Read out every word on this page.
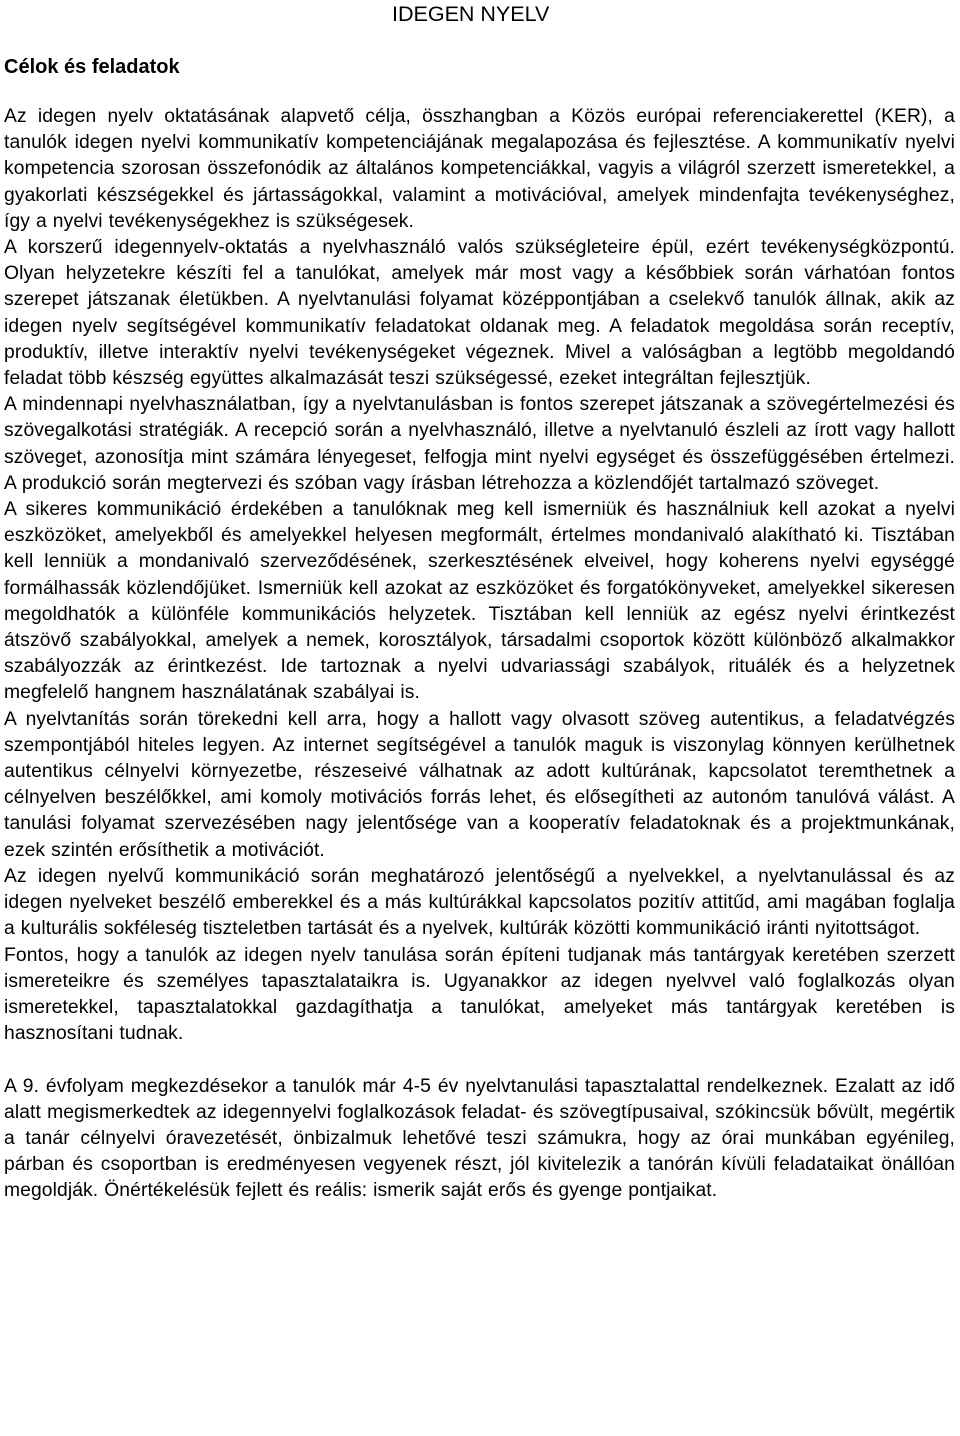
IDEGEN NYELV
Célok és feladatok

Az idegen nyelv oktatásának alapvető célja, összhangban a Közös európai referenciakerettel (KER), a tanulók idegen nyelvi kommunikatív kompetenciájának megalapozása és fejlesztése. A kommunikatív nyelvi kompetencia szorosan összefonódik az általános kompetenciákkal, vagyis a világról szerzett ismeretekkel, a gyakorlati készségekkel és jártasságokkal, valamint a motivációval, amelyek mindenfajta tevékenységhez, így a nyelvi tevékenységekhez is szükségesek.

A korszerű idegennyelv-oktatás a nyelvhasználó valós szükségleteire épül, ezért tevékenységközpontú. Olyan helyzetekre készíti fel a tanulókat, amelyek már most vagy a későbbiek során várhatóan fontos szerepet játszanak életükben. A nyelvtanulási folyamat középpontjában a cselekvő tanulók állnak, akik az idegen nyelv segítségével kommunikatív feladatokat oldanak meg. A feladatok megoldása során receptív, produktív, illetve interaktív nyelvi tevékenységeket végeznek. Mivel a valóságban a legtöbb megoldandó feladat több készség együttes alkalmazását teszi szükségessé, ezeket integráltan fejlesztjük.

A mindennapi nyelvhasználatban, így a nyelvtanulásban is fontos szerepet játszanak a szövegértelmezési és szövegalkotási stratégiák. A recepció során a nyelvhasználó, illetve a nyelvtanuló észleli az írott vagy hallott szöveget, azonosítja mint számára lényegeset, felfogja mint nyelvi egységet és összefüggésében értelmezi. A produkció során megtervezi és szóban vagy írásban létrehozza a közlendőjét tartalmazó szöveget.

A sikeres kommunikáció érdekében a tanulóknak meg kell ismerniük és használniuk kell azokat a nyelvi eszközöket, amelyekből és amelyekkel helyesen megformált, értelmes mondanivaló alakítható ki. Tisztában kell lenniük a mondanivaló szerveződésének, szerkesztésének elveivel, hogy koherens nyelvi egységgé formálhassák közlendőjüket. Ismerniük kell azokat az eszközöket és forgatókönyveket, amelyekkel sikeresen megoldhatók a különféle kommunikációs helyzetek. Tisztában kell lenniük az egész nyelvi érintkezést átszövő szabályokkal, amelyek a nemek, korosztályok, társadalmi csoportok között különböző alkalmakkor szabályozzák az érintkezést. Ide tartoznak a nyelvi udvariassági szabályok, rituálék és a helyzetnek megfelelő hangnem használatának szabályai is.

A nyelvtanítás során törekedni kell arra, hogy a hallott vagy olvasott szöveg autentikus, a feladatvégzés szempontjából hiteles legyen. Az internet segítségével a tanulók maguk is viszonylag könnyen kerülhetnek autentikus célnyelvi környezetbe, részeseivé válhatnak az adott kultúrának, kapcsolatot teremthetnek a célnyelven beszélőkkel, ami komoly motivációs forrás lehet, és elősegítheti az autonóm tanulóvá válást. A tanulási folyamat szervezésében nagy jelentősége van a kooperatív feladatoknak és a projektmunkának, ezek szintén erősíthetik a motivációt.

Az idegen nyelvű kommunikáció során meghatározó jelentőségű a nyelvekkel, a nyelvtanulással és az idegen nyelveket beszélő emberekkel és a más kultúrákkal kapcsolatos pozitív attitűd, ami magában foglalja a kulturális sokféleség tiszteletben tartását és a nyelvek, kultúrák közötti kommunikáció iránti nyitottságot.

Fontos, hogy a tanulók az idegen nyelv tanulása során építeni tudjanak más tantárgyak keretében szerzett ismereteikre és személyes tapasztalataikra is. Ugyanakkor az idegen nyelvvel való foglalkozás olyan ismeretekkel, tapasztalatokkal gazdagíthatja a tanulókat, amelyeket más tantárgyak keretében is hasznosítani tudnak.

A 9. évfolyam megkezdésekor a tanulók már 4-5 év nyelvtanulási tapasztalattal rendelkeznek. Ezalatt az idő alatt megismerkedtek az idegennyelvi foglalkozások feladat- és szövegtípusaival, szókincsük bővült, megértik a tanár célnyelvi óravezetését, önbizalmuk lehetővé teszi számukra, hogy az órai munkában egyénileg, párban és csoportban is eredményesen vegyenek részt, jól kivitelezik a tanórán kívüli feladataikat önállóan megoldják. Önértékelésük fejlett és reális: ismerik saját erős és gyenge pontjaikat.
